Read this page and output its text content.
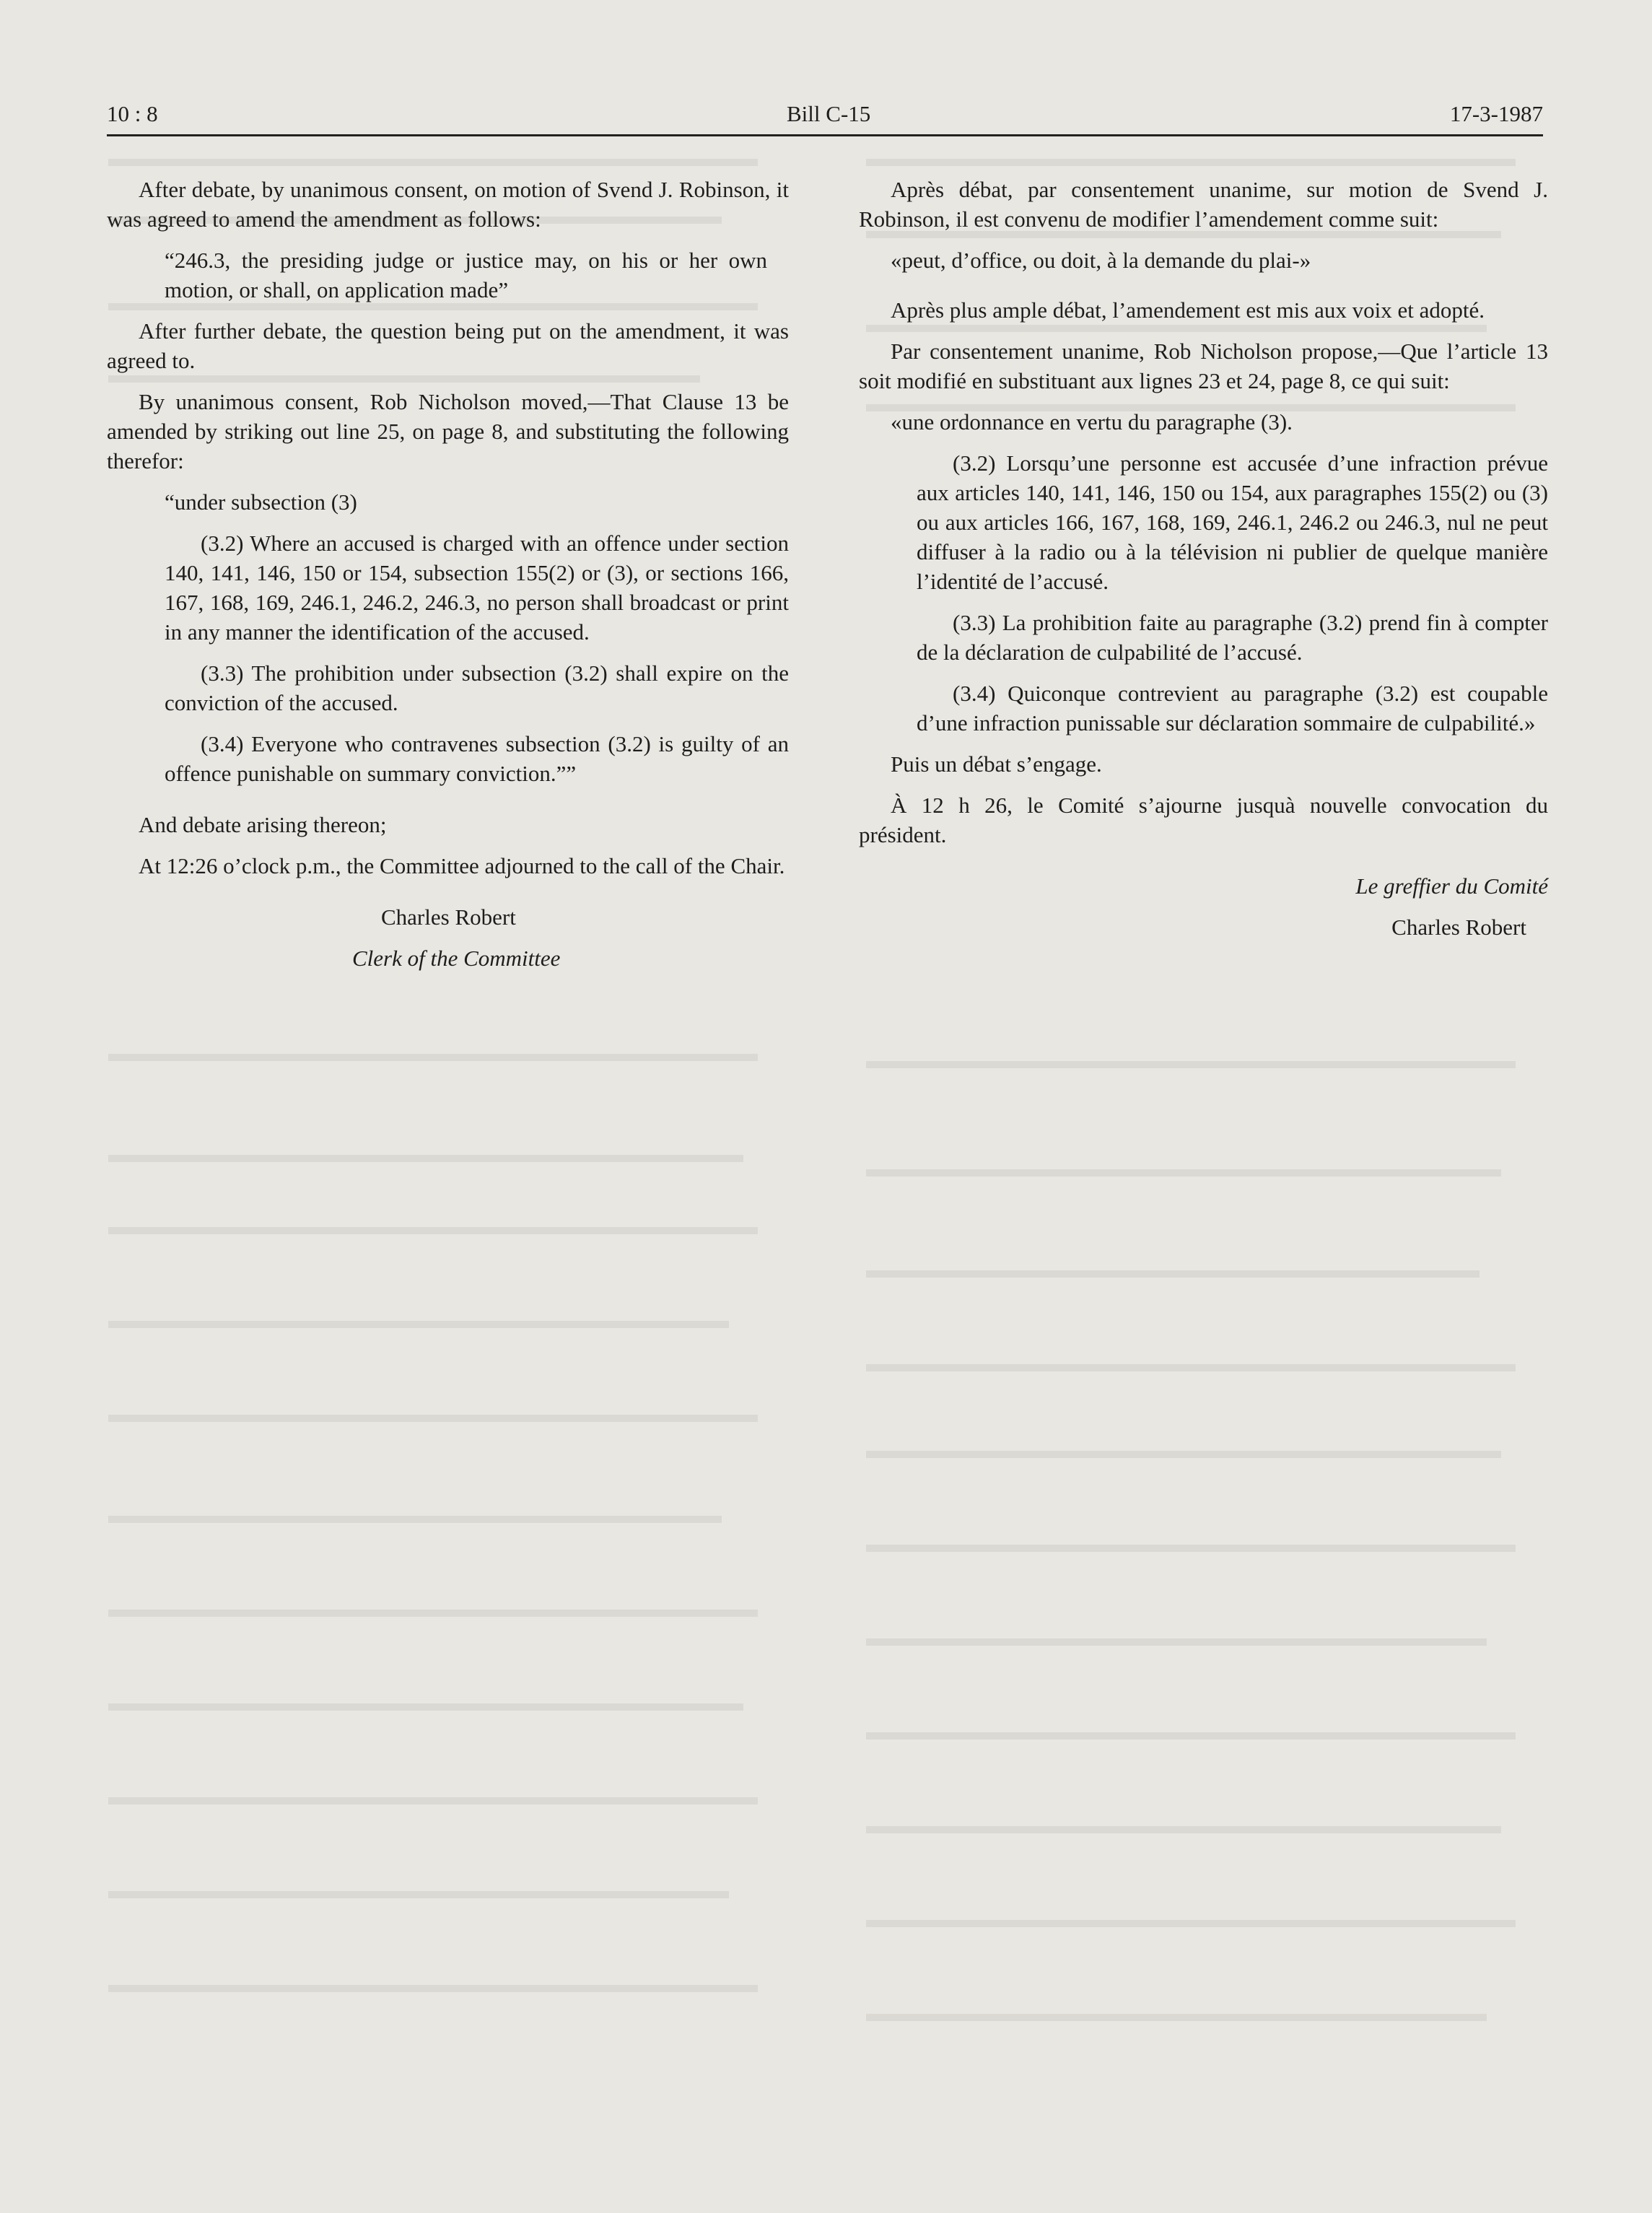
10 : 8	Bill C-15	17-3-1987

After debate, by unanimous consent, on motion of Svend J. Robinson, it was agreed to amend the amendment as follows:

“246.3, the presiding judge or justice may, on his or her own motion, or shall, on application made”

After further debate, the question being put on the amendment, it was agreed to.

By unanimous consent, Rob Nicholson moved,—That Clause 13 be amended by striking out line 25, on page 8, and substituting the following therefor:

“under subsection (3)

(3.2) Where an accused is charged with an offence under section 140, 141, 146, 150 or 154, subsection 155(2) or (3), or sections 166, 167, 168, 169, 246.1, 246.2, 246.3, no person shall broadcast or print in any manner the identification of the accused.

(3.3) The prohibition under subsection (3.2) shall expire on the conviction of the accused.

(3.4) Everyone who contravenes subsection (3.2) is guilty of an offence punishable on summary conviction.””

And debate arising thereon;

At 12:26 o’clock p.m., the Committee adjourned to the call of the Chair.

Charles Robert

Clerk of the Committee

Après débat, par consentement unanime, sur motion de Svend J. Robinson, il est convenu de modifier l’amendement comme suit:

«peut, d’office, ou doit, à la demande du plai-»

Après plus ample débat, l’amendement est mis aux voix et adopté.

Par consentement unanime, Rob Nicholson propose,—Que l’article 13 soit modifié en substituant aux lignes 23 et 24, page 8, ce qui suit:

«une ordonnance en vertu du paragraphe (3).

(3.2) Lorsqu’une personne est accusée d’une infraction prévue aux articles 140, 141, 146, 150 ou 154, aux paragraphes 155(2) ou (3) ou aux articles 166, 167, 168, 169, 246.1, 246.2 ou 246.3, nul ne peut diffuser à la radio ou à la télévision ni publier de quelque manière l’identité de l’accusé.

(3.3) La prohibition faite au paragraphe (3.2) prend fin à compter de la déclaration de culpabilité de l’accusé.

(3.4) Quiconque contrevient au paragraphe (3.2) est coupable d’une infraction punissable sur déclaration sommaire de culpabilité.»

Puis un débat s’engage.

À 12 h 26, le Comité s’ajourne jusquà nouvelle convocation du président.

Le greffier du Comité

Charles Robert
